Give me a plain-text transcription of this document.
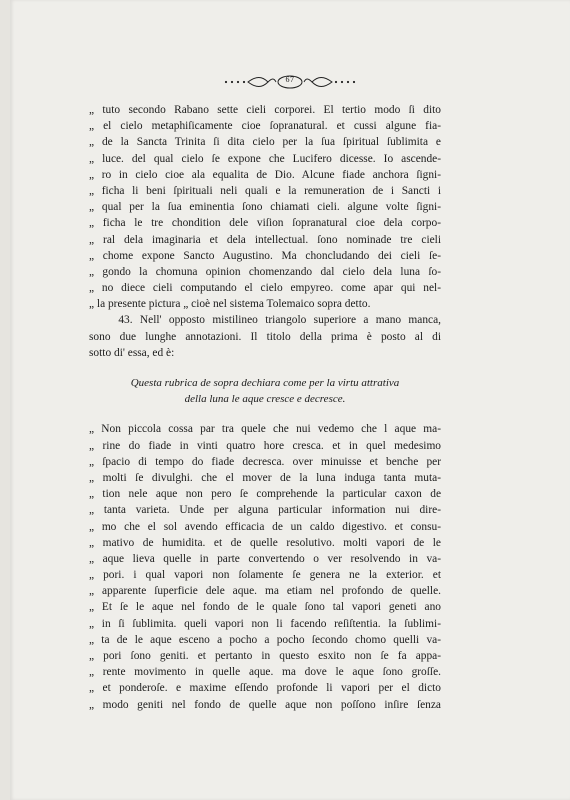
67
„ tuto secondo Rabano sette cieli corporei. El tertio modo ſi dito
„ el cielo metaphiſicamente cioe ſopranatural. et cussi algune fia-
„ de la Sancta Trinita ſi dita cielo per la ſua ſpiritual ſublimita e
„ luce. del qual cielo ſe expone che Lucifero dicesse. Io ascende-
„ ro in cielo cioe ala equalita de Dio. Alcune fiade anchora ſigni-
„ ficha li beni ſpirituali neli quali e la remuneration de i Sancti i
„ qual per la ſua eminentia ſono chiamati cieli. algune volte ſigni-
„ ficha le tre chondition dele viſion ſopranatural cioe dela corpo-
„ ral dela imaginaria et dela intellectual. ſono nominade tre cieli
„ chome expone Sancto Augustino. Ma choncludando dei cieli ſe-
„ gondo la chomuna opinion chomenzando dal cielo dela luna ſo-
„ no diece cieli computando el cielo empyreo. come apar qui nel-
„ la presente pictura „ cioè nel sistema Tolemaico sopra detto.
43. Nell' opposto mistilineo triangolo superiore a mano manca,
sono due lunghe annotazioni. Il titolo della prima è posto al di
sotto di' essa, ed è:
Questa rubrica de sopra dechiara come per la virtu attrativa
della luna le aque cresce e decresce.
„ Non piccola cossa par tra quele che nui vedemo che l aque ma-
„ rine do fiade in vinti quatro hore cresca. et in quel medesimo
„ ſpacio di tempo do fiade decresca. over minuisse et benche per
„ molti ſe divulghi. che el mover de la luna induga tanta muta-
„ tion nele aque non pero ſe comprehende la particular caxon de
„ tanta varieta. Unde per alguna particular information nui dire-
„ mo che el sol avendo efficacia de un caldo digestivo. et consu-
„ mativo de humidita. et de quelle resolutivo. molti vapori de le
„ aque lieva quelle in parte convertendo o ver resolvendo in va-
„ pori. i qual vapori non ſolamente ſe genera ne la exterior. et
„ apparente ſuperficie dele aque. ma etiam nel profondo de quelle.
„ Et ſe le aque nel fondo de le quale ſono tal vapori geneti ano
„ in ſi ſublimita. queli vapori non li facendo reſiſtentia. la ſublimi-
„ ta de le aque esceno a pocho a pocho ſecondo chomo quelli va-
„ pori ſono geniti. et pertanto in questo esxito non ſe fa appa-
„ rente movimento in quelle aque. ma dove le aque ſono groſſe.
„ et ponderoſe. e maxime eſſendo profonde li vapori per el dicto
„ modo geniti nel fondo de quelle aque non poſſono inſire ſenza
